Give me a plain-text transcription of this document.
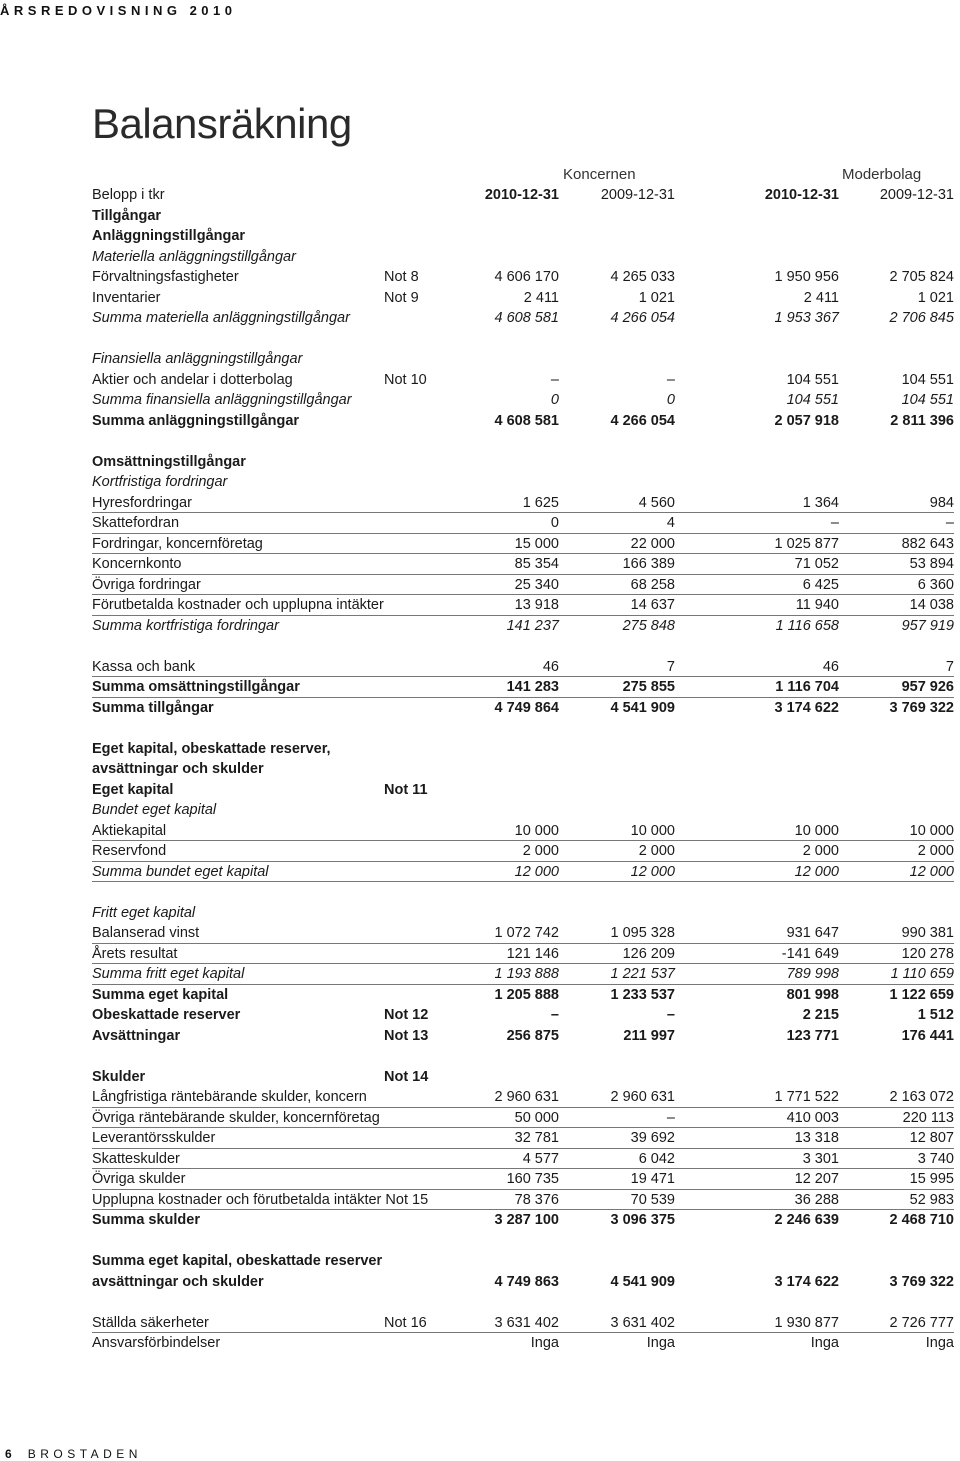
ÅRSREDOVISNING 2010
Balansräkning
Koncernen	Moderbolag
Belopp i tkr	2010-12-31	2009-12-31	2010-12-31	2009-12-31
Tillgångar
Anläggningstillgångar
Materiella anläggningstillgångar
Förvaltningsfastigheter	Not 8	4 606 170	4 265 033	1 950 956	2 705 824
Inventarier	Not 9	2 411	1 021	2 411	1 021
Summa materiella anläggningstillgångar	4 608 581	4 266 054	1 953 367	2 706 845
Finansiella anläggningstillgångar
Aktier och andelar i dotterbolag	Not 10	–	–	104 551	104 551
Summa finansiella anläggningstillgångar	0	0	104 551	104 551
Summa anläggningstillgångar	4 608 581	4 266 054	2 057 918	2 811 396
Omsättningstillgångar
Kortfristiga fordringar
Hyresfordringar	1 625	4 560	1 364	984
Skattefordran	0	4	–	–
Fordringar, koncernföretag	15 000	22 000	1 025 877	882 643
Koncernkonto	85 354	166 389	71 052	53 894
Övriga fordringar	25 340	68 258	6 425	6 360
Förutbetalda kostnader och upplupna intäkter	13 918	14 637	11 940	14 038
Summa kortfristiga fordringar	141 237	275 848	1 116 658	957 919
Kassa och bank	46	7	46	7
Summa omsättningstillgångar	141 283	275 855	1 116 704	957 926
Summa tillgångar	4 749 864	4 541 909	3 174 622	3 769 322
Eget kapital, obeskattade reserver,
avsättningar och skulder
Eget kapital	Not 11
Bundet eget kapital
Aktiekapital	10 000	10 000	10 000	10 000
Reservfond	2 000	2 000	2 000	2 000
Summa bundet eget kapital	12 000	12 000	12 000	12 000
Fritt eget kapital
Balanserad vinst	1 072 742	1 095 328	931 647	990 381
Årets resultat	121 146	126 209	-141 649	120 278
Summa fritt eget kapital	1 193 888	1 221 537	789 998	1 110 659
Summa eget kapital	1 205 888	1 233 537	801 998	1 122 659
Obeskattade reserver	Not 12	–	–	2 215	1 512
Avsättningar	Not 13	256 875	211 997	123 771	176 441
Skulder	Not 14
Långfristiga räntebärande skulder, koncern	2 960 631	2 960 631	1 771 522	2 163 072
Övriga räntebärande skulder, koncernföretag	50 000	–	410 003	220 113
Leverantörsskulder	32 781	39 692	13 318	12 807
Skatteskulder	4 577	6 042	3 301	3 740
Övriga skulder	160 735	19 471	12 207	15 995
Upplupna kostnader och förutbetalda intäkter Not 15	78 376	70 539	36 288	52 983
Summa skulder	3 287 100	3 096 375	2 246 639	2 468 710
Summa eget kapital, obeskattade reserver
avsättningar och skulder	4 749 863	4 541 909	3 174 622	3 769 322
Ställda säkerheter	Not 16	3 631 402	3 631 402	1 930 877	2 726 777
Ansvarsförbindelser	Inga	Inga	Inga	Inga
6 BROSTADEN
